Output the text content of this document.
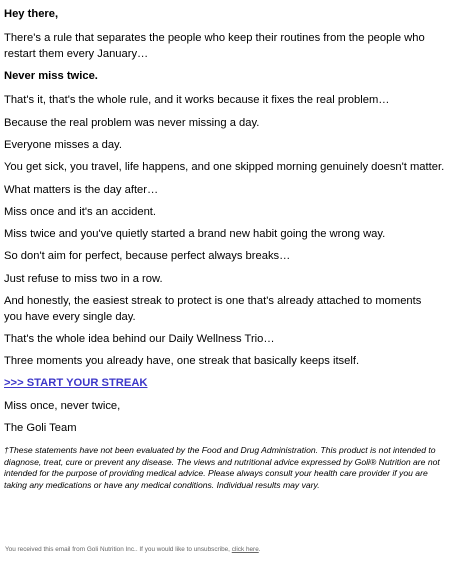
Hey there,

There's a rule that separates the people who keep their routines from the people who restart them every January…

Never miss twice.

That's it, that's the whole rule, and it works because it fixes the real problem…

Because the real problem was never missing a day.

Everyone misses a day.

You get sick, you travel, life happens, and one skipped morning genuinely doesn't matter.

What matters is the day after…

Miss once and it's an accident.

Miss twice and you've quietly started a brand new habit going the wrong way.

So don't aim for perfect, because perfect always breaks…

Just refuse to miss two in a row.

And honestly, the easiest streak to protect is one that's already attached to moments you have every single day.

That's the whole idea behind our Daily Wellness Trio…

Three moments you already have, one streak that basically keeps itself.

>>> START YOUR STREAK

Miss once, never twice,

The Goli Team

†These statements have not been evaluated by the Food and Drug Administration. This product is not intended to diagnose, treat, cure or prevent any disease. The views and nutritional advice expressed by Goli® Nutrition are not intended for the purpose of providing medical advice. Please always consult your health care provider if you are taking any medications or have any medical conditions. Individual results may vary.

You received this email from Goli Nutrition Inc.. If you would like to unsubscribe, click here.
